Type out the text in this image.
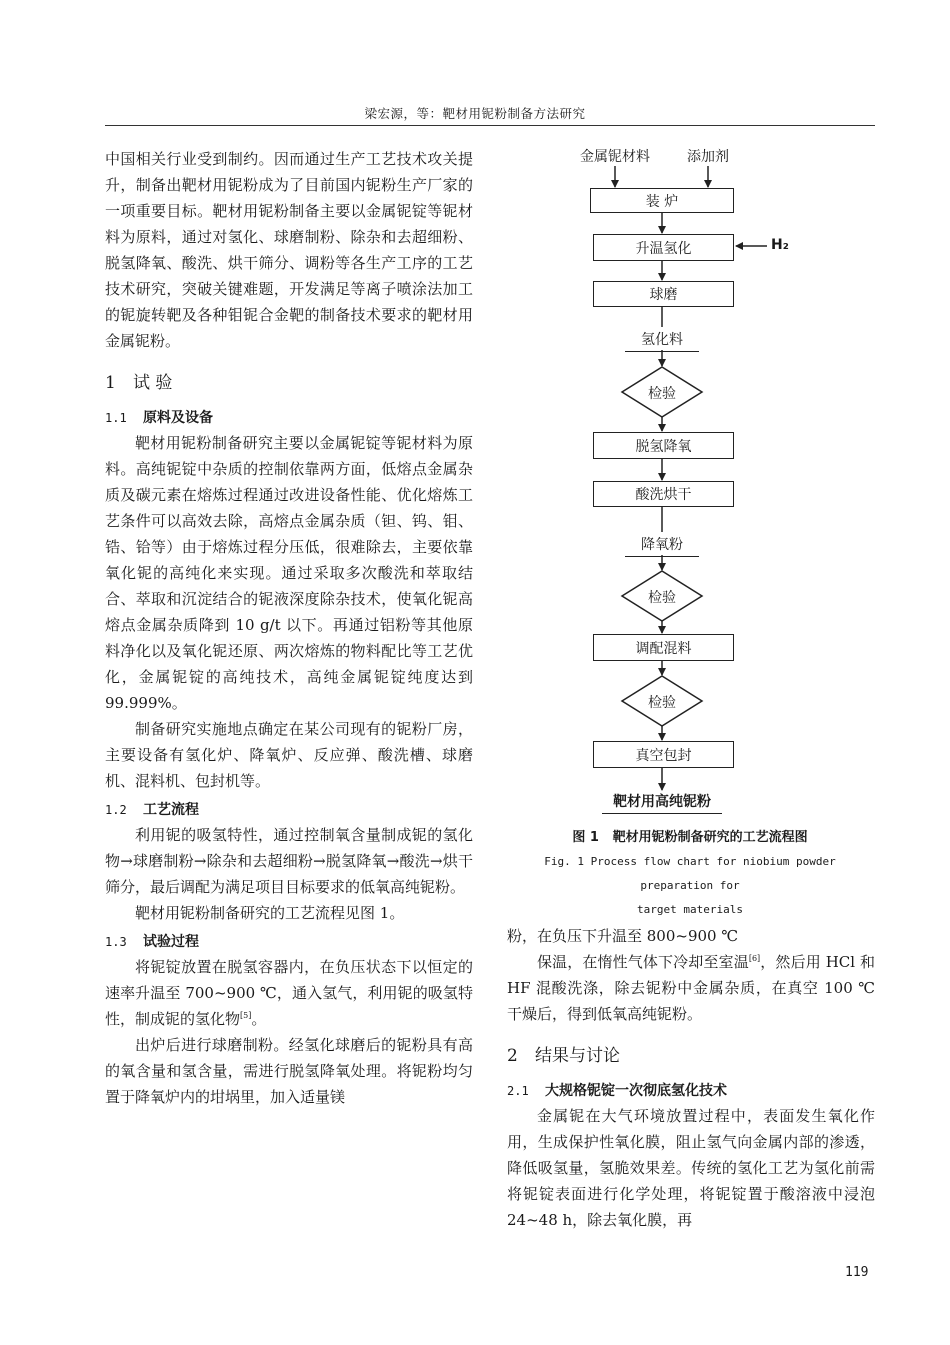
梁宏源，等：靶材用铌粉制备方法研究

中国相关行业受到制约。因而通过生产工艺技术攻关提升，制备出靶材用铌粉成为了目前国内铌粉生产厂家的一项重要目标。靶材用铌粉制备主要以金属铌锭等铌材料为原料，通过对氢化、球磨制粉、除杂和去超细粉、脱氢降氧、酸洗、烘干筛分、调粉等各生产工序的工艺技术研究，突破关键难题，开发满足等离子喷涂法加工的铌旋转靶及各种钼铌合金靶的制备技术要求的靶材用金属铌粉。

1 试 验
1.1 原料及设备

靶材用铌粉制备研究主要以金属铌锭等铌材料为原料。高纯铌锭中杂质的控制依靠两方面，低熔点金属杂质及碳元素在熔炼过程通过改进设备性能、优化熔炼工艺条件可以高效去除，高熔点金属杂质（钽、钨、钼、锆、铪等）由于熔炼过程分压低，很难除去，主要依靠氧化铌的高纯化来实现。通过采取多次酸洗和萃取结合、萃取和沉淀结合的铌液深度除杂技术，使氧化铌高熔点金属杂质降到 10 g/t 以下。再通过铝粉等其他原料净化以及氧化铌还原、两次熔炼的物料配比等工艺优化，金属铌锭的高纯技术，高纯金属铌锭纯度达到 99.999%。

制备研究实施地点确定在某公司现有的铌粉厂房，主要设备有氢化炉、降氧炉、反应弹、酸洗槽、球磨机、混料机、包封机等。

1.2 工艺流程

利用铌的吸氢特性，通过控制氧含量制成铌的氢化物→球磨制粉→除杂和去超细粉→脱氢降氧→酸洗→烘干筛分，最后调配为满足项目目标要求的低氧高纯铌粉。

靶材用铌粉制备研究的工艺流程见图 1。

1.3 试验过程

将铌锭放置在脱氢容器内，在负压状态下以恒定的速率升温至 700~900 ℃，通入氢气，利用铌的吸氢特性，制成铌的氢化物[5]。

出炉后进行球磨制粉。经氢化球磨后的铌粉具有高的氧含量和氢含量，需进行脱氢降氧处理。将铌粉均匀置于降氧炉内的坩埚里，加入适量镁

金属铌材料	添加剂
装 炉
升温氢化	H₂
球磨
氢化料
检验
脱氢降氧
酸洗烘干
降氧粉
检验
调配混料
检验
真空包封
靶材用高纯铌粉
图 1 靶材用铌粉制备研究的工艺流程图
Fig. 1 Process flow chart for niobium powder preparation for
target materials

粉，在负压下升温至 800~900 ℃

保温，在惰性气体下冷却至室温[6]，然后用 HCl 和 HF 混酸洗涤，除去铌粉中金属杂质，在真空 100 ℃干燥后，得到低氧高纯铌粉。

2 结果与讨论
2.1 大规格铌锭一次彻底氢化技术

金属铌在大气环境放置过程中，表面发生氧化作用，生成保护性氧化膜，阻止氢气向金属内部的渗透，降低吸氢量，氢脆效果差。传统的氢化工艺为氢化前需将铌锭表面进行化学处理，将铌锭置于酸溶液中浸泡 24~48 h，除去氧化膜，再

119
